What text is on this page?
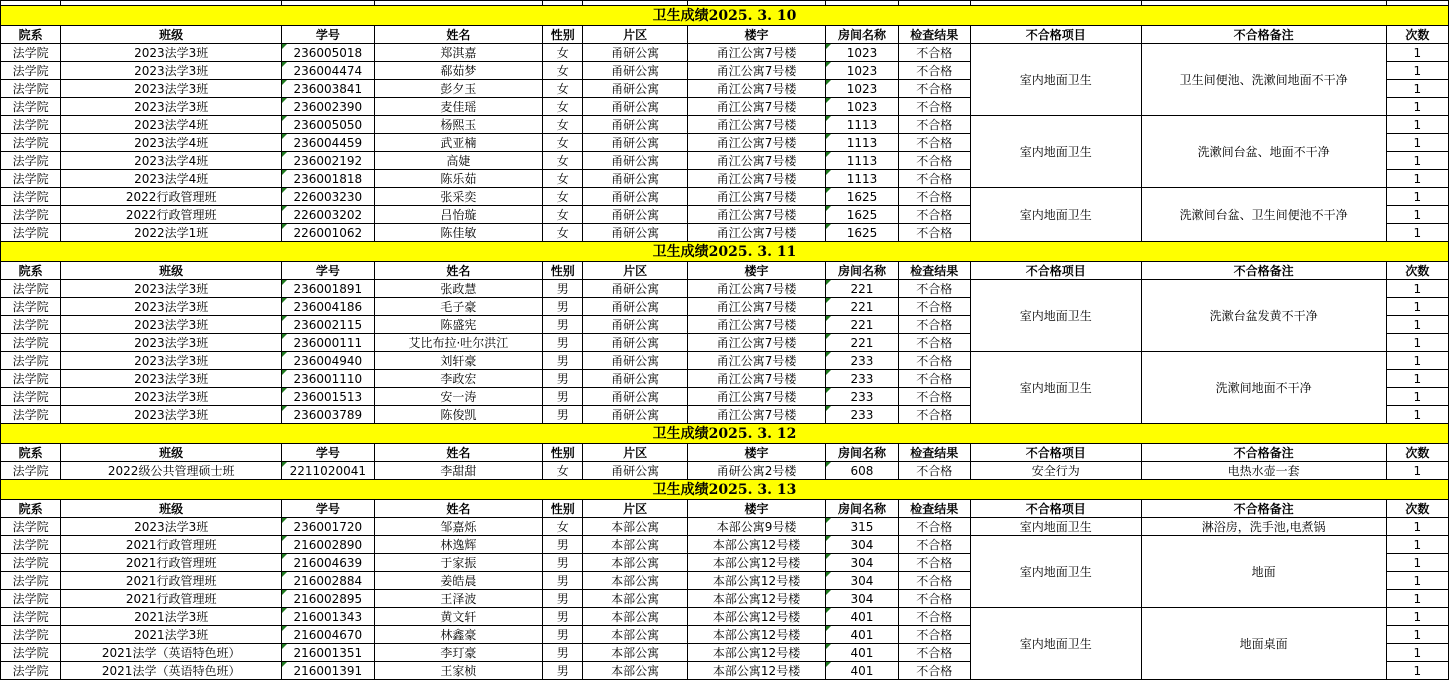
卫生成绩2025. 3. 10											
院系	班级	学号	姓名	性别	片区	楼宇	房间名称	检查结果	不合格项目	不合格备注	次数
法学院	2023法学3班	236005018	郑淇嘉	女	甬研公寓	甬江公寓7号楼	1023	不合格	室内地面卫生	卫生间便池、洗漱间地面不干净	1
法学院	2023法学3班	236004474	郗茹梦	女	甬研公寓	甬江公寓7号楼	1023	不合格			1
法学院	2023法学3班	236003841	彭夕玉	女	甬研公寓	甬江公寓7号楼	1023	不合格			1
法学院	2023法学3班	236002390	麦佳瑶	女	甬研公寓	甬江公寓7号楼	1023	不合格			1
法学院	2023法学4班	236005050	杨熙玉	女	甬研公寓	甬江公寓7号楼	1113	不合格	室内地面卫生	洗漱间台盆、地面不干净	1
法学院	2023法学4班	236004459	武亚楠	女	甬研公寓	甬江公寓7号楼	1113	不合格			1
法学院	2023法学4班	236002192	高婕	女	甬研公寓	甬江公寓7号楼	1113	不合格			1
法学院	2023法学4班	236001818	陈乐茹	女	甬研公寓	甬江公寓7号楼	1113	不合格			1
法学院	2022行政管理班	226003230	张采奕	女	甬研公寓	甬江公寓7号楼	1625	不合格	室内地面卫生	洗漱间台盆、卫生间便池不干净	1
法学院	2022行政管理班	226003202	吕怡璇	女	甬研公寓	甬江公寓7号楼	1625	不合格			1
法学院	2022法学1班	226001062	陈佳敏	女	甬研公寓	甬江公寓7号楼	1625	不合格			1
卫生成绩2025. 3. 11											
院系	班级	学号	姓名	性别	片区	楼宇	房间名称	检查结果	不合格项目	不合格备注	次数
法学院	2023法学3班	236001891	张政慧	男	甬研公寓	甬江公寓7号楼	221	不合格	室内地面卫生	洗漱台盆发黄不干净	1
法学院	2023法学3班	236004186	毛子豪	男	甬研公寓	甬江公寓7号楼	221	不合格			1
法学院	2023法学3班	236002115	陈盛宪	男	甬研公寓	甬江公寓7号楼	221	不合格			1
法学院	2023法学3班	236000111	艾比布拉·吐尔洪江	男	甬研公寓	甬江公寓7号楼	221	不合格			1
法学院	2023法学3班	236004940	刘轩豪	男	甬研公寓	甬江公寓7号楼	233	不合格	室内地面卫生	洗漱间地面不干净	1
法学院	2023法学3班	236001110	李政宏	男	甬研公寓	甬江公寓7号楼	233	不合格			1
法学院	2023法学3班	236001513	安一涛	男	甬研公寓	甬江公寓7号楼	233	不合格			1
法学院	2023法学3班	236003789	陈俊凯	男	甬研公寓	甬江公寓7号楼	233	不合格			1
卫生成绩2025. 3. 12											
院系	班级	学号	姓名	性别	片区	楼宇	房间名称	检查结果	不合格项目	不合格备注	次数
法学院	2022级公共管理硕士班	2211020041	李甜甜	女	甬研公寓	甬研公寓2号楼	608	不合格	安全行为	电热水壶一套	1
卫生成绩2025. 3. 13											
院系	班级	学号	姓名	性别	片区	楼宇	房间名称	检查结果	不合格项目	不合格备注	次数
法学院	2023法学3班	236001720	邹嘉烁	女	本部公寓	本部公寓9号楼	315	不合格	室内地面卫生	淋浴房，洗手池,电煮锅	1
法学院	2021行政管理班	216002890	林逸辉	男	本部公寓	本部公寓12号楼	304	不合格	室内地面卫生	地面	1
法学院	2021行政管理班	216004639	于家振	男	本部公寓	本部公寓12号楼	304	不合格			1
法学院	2021行政管理班	216002884	姜皓晨	男	本部公寓	本部公寓12号楼	304	不合格			1
法学院	2021行政管理班	216002895	王泽波	男	本部公寓	本部公寓12号楼	304	不合格			1
法学院	2021法学3班	216001343	黄文轩	男	本部公寓	本部公寓12号楼	401	不合格	室内地面卫生	地面桌面	1
法学院	2021法学3班	216004670	林鑫豪	男	本部公寓	本部公寓12号楼	401	不合格			1
法学院	2021法学（英语特色班）	216001351	李玎豪	男	本部公寓	本部公寓12号楼	401	不合格			1
法学院	2021法学（英语特色班）	216001391	王家桢	男	本部公寓	本部公寓12号楼	401	不合格			1
